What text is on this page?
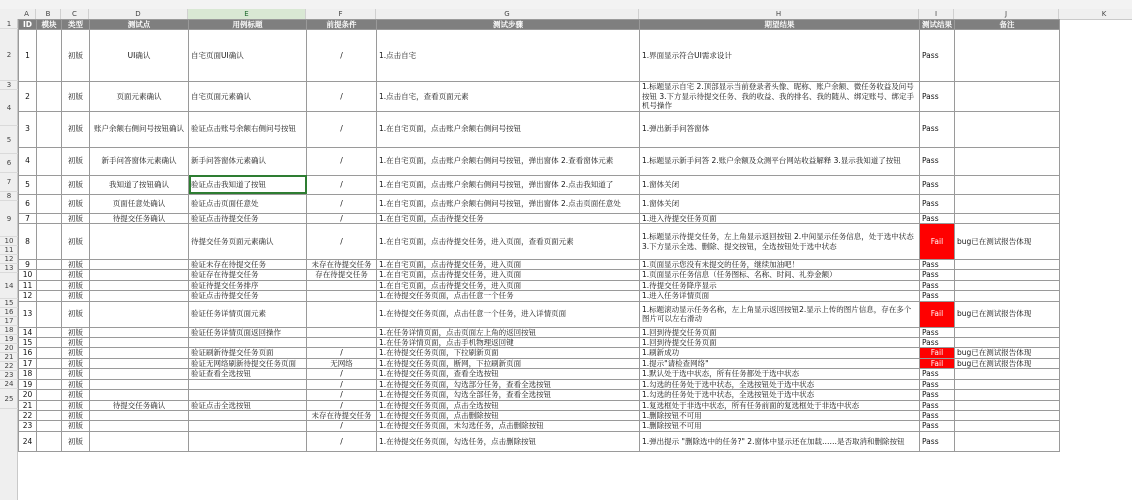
A	B	C	D	E	F	G	H	I	J	K
1
2
3
4
5
6
7
8
9
10
11
12
13
14
15
16
17
18
19
20
21
22
23
24
25
ID	模块	类型	测试点	用例标题	前提条件	测试步骤	期望结果	测试结果	备注
1		初版	UI确认	自宅页面UI确认	/	1.点击自宅	1.界面显示符合UI需求设计	Pass	
2		初版	页面元素确认	自宅页面元素确认	/	1.点击自宅，查看页面元素	1.标题显示自宅 2.顶部显示当前登录者头像、昵称、账户余额、微任务收益及问号按钮 3.下方显示待提交任务、我的收益、我的排名、我的随从、绑定账号、绑定手机号操作	Pass	
3		初版	账户余额右侧问号按钮确认	验证点击账号余额右侧问号按钮	/	1.在自宅页面，点击账户余额右侧问号按钮	1.弹出新手问答窗体	Pass	
4		初版	新手问答窗体元素确认	新手问答窗体元素确认	/	1.在自宅页面，点击账户余额右侧问号按钮，弹出窗体 2.查看窗体元素	1.标题显示新手问答 2.账户余额及众测平台网站收益解释 3.显示我知道了按钮	Pass	
5		初版	我知道了按钮确认	验证点击我知道了按钮	/	1.在自宅页面，点击账户余额右侧问号按钮，弹出窗体 2.点击我知道了	1.窗体关闭	Pass	
6		初版	页面任意处确认	验证点击页面任意处	/	1.在自宅页面，点击账户余额右侧问号按钮，弹出窗体 2.点击页面任意处	1.窗体关闭	Pass	
7		初版	待提交任务确认	验证点击待提交任务	/	1.在自宅页面，点击待提交任务	1.进入待提交任务页面	Pass	
8		初版		待提交任务页面元素确认	/	1.在自宅页面，点击待提交任务，进入页面，查看页面元素	1.标题显示待提交任务，左上角显示返回按钮 2.中间显示任务信息，处于选中状态 3.下方显示全选、删除、提交按钮，全选按钮处于选中状态	Fail	bug已在测试报告体现
9		初版		验证未存在待提交任务	未存在待提交任务	1.在自宅页面，点击待提交任务，进入页面	1.页面显示您没有未提交的任务，继续加油吧！	Pass	
10		初版		验证存在待提交任务	存在待提交任务	1.在自宅页面，点击待提交任务，进入页面	1.页面显示任务信息（任务图标、名称、时间、礼券金额）	Pass	
11		初版		验证待提交任务排序		1.在自宅页面，点击待提交任务，进入页面	1.待提交任务降序显示	Pass	
12		初版		验证点击待提交任务		1.在待提交任务页面，点击任意一个任务	1.进入任务详情页面	Pass	
13		初版		验证任务详情页面元素		1.在待提交任务页面，点击任意一个任务，进入详情页面	1.标题滚动显示任务名称，左上角显示返回按钮2.显示上传的图片信息，存在多个图片可以左右滑动	Fail	bug已在测试报告体现
14		初版		验证任务详情页面返回操作		1.在任务详情页面，点击页面左上角的返回按钮	1.回到待提交任务页面	Pass	
15		初版				1.在任务详情页面，点击手机物理返回键	1.回到待提交任务页面	Pass	
16		初版		验证刷新待提交任务页面	/	1.在待提交任务页面，下拉刷新页面	1.刷新成功	Fail	bug已在测试报告体现
17		初版		验证无网络刷新待提交任务页面	无网络	1.在待提交任务页面，断网，下拉刷新页面	1.提示"请检查网络"	Fail	bug已在测试报告体现
18		初版		验证查看全选按钮	/	1.在待提交任务页面，查看全选按钮	1.默认处于选中状态，所有任务都处于选中状态	Pass	
19		初版			/	1.在待提交任务页面，勾选部分任务，查看全选按钮	1.勾选的任务处于选中状态，全选按钮处于选中状态	Pass	
20		初版			/	1.在待提交任务页面，勾选全部任务，查看全选按钮	1.勾选的任务处于选中状态，全选按钮处于选中状态	Pass	
21		初版	待提交任务确认	验证点击全选按钮	/	1.在待提交任务页面，点击全选按钮	1.复选框处于非选中状态，所有任务前面的复选框处于非选中状态	Pass	
22		初版			未存在待提交任务	1.在待提交任务页面，点击删除按钮	1.删除按钮不可用	Pass	
23		初版			/	1.在待提交任务页面，未勾选任务，点击删除按钮	1.删除按钮不可用	Pass	
24		初版			/	1.在待提交任务页面，勾选任务，点击删除按钮	1.弹出提示 "删除选中的任务?" 2.窗体中显示还在加载……是否取消和删除按钮	Pass	
